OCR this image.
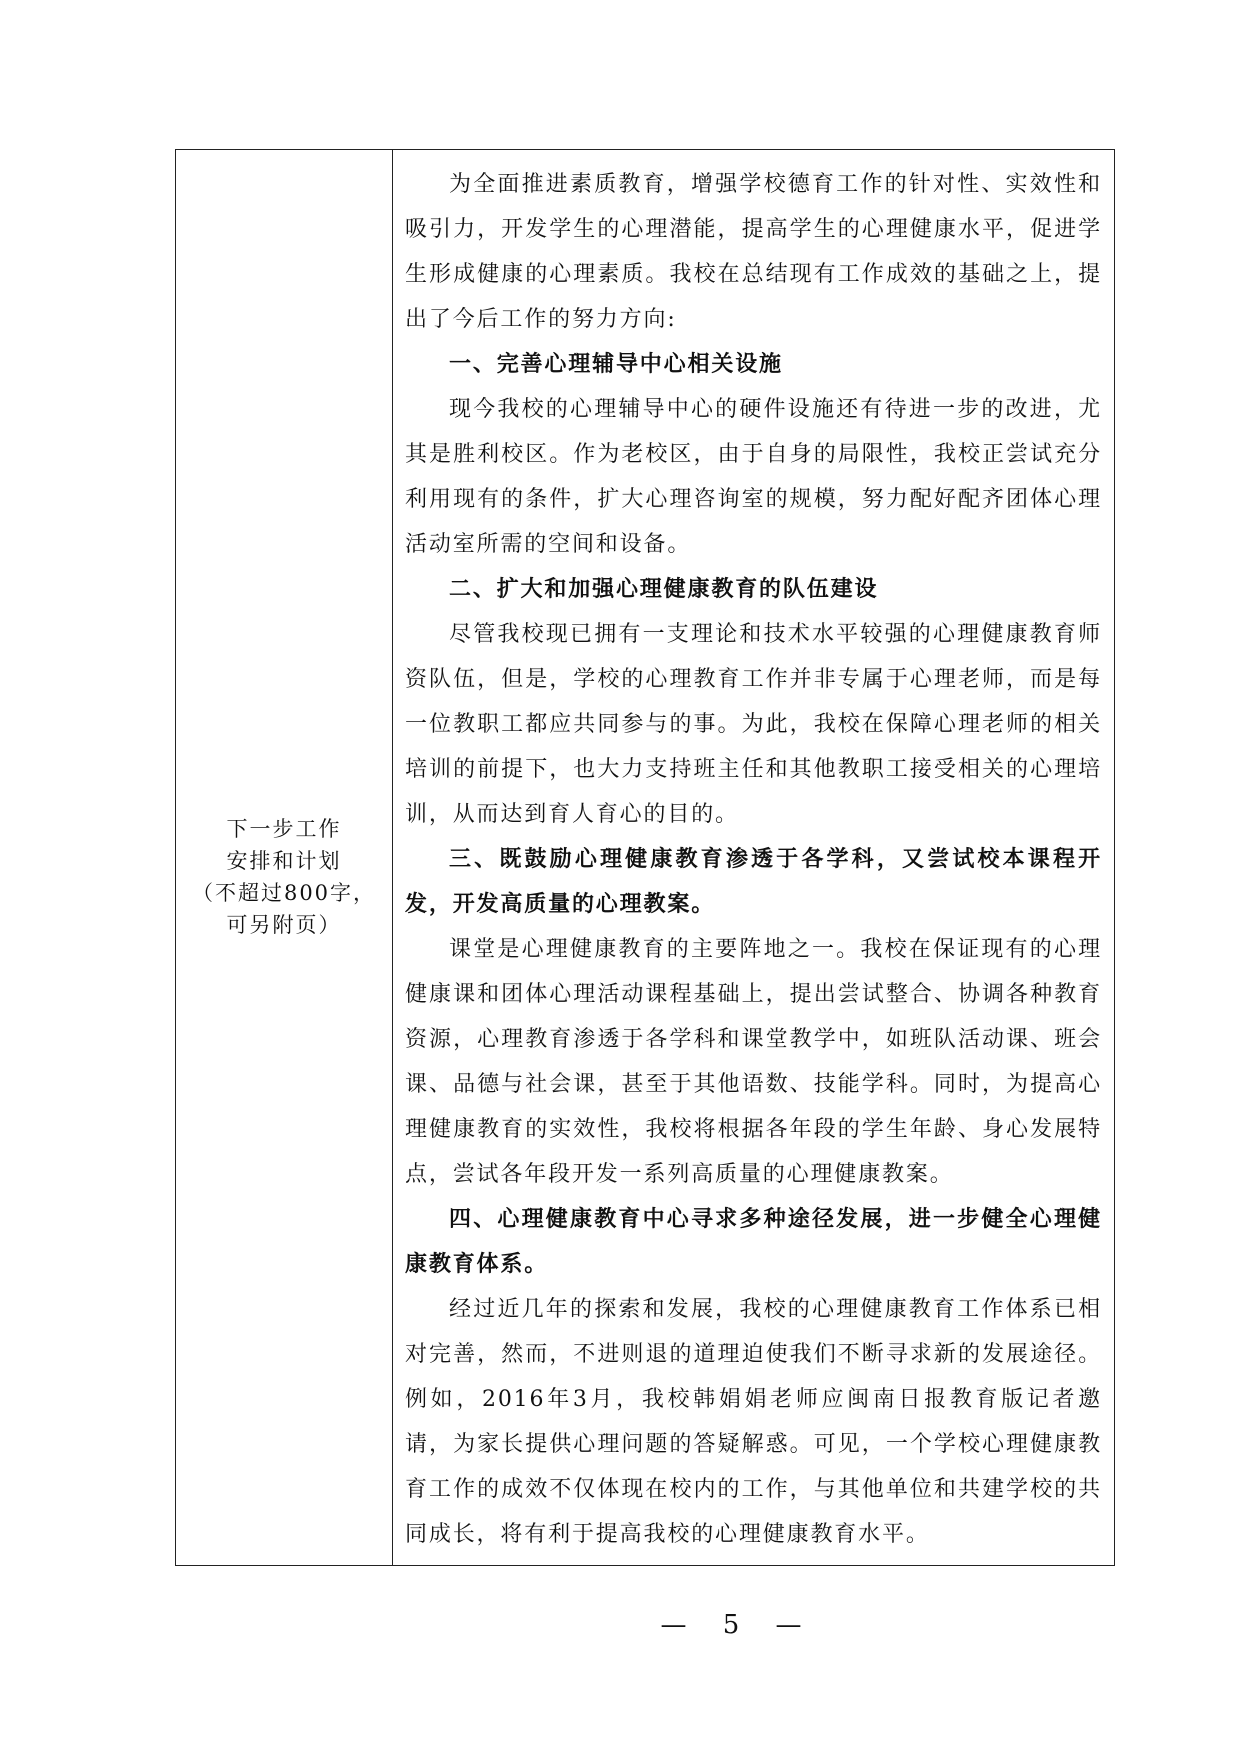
下一步工作
安排和计划
（不超过800字，
可另附页）

为全面推进素质教育，增强学校德育工作的针对性、实效性和吸引力，开发学生的心理潜能，提高学生的心理健康水平，促进学生形成健康的心理素质。我校在总结现有工作成效的基础之上，提出了今后工作的努力方向:

一、完善心理辅导中心相关设施

现今我校的心理辅导中心的硬件设施还有待进一步的改进，尤其是胜利校区。作为老校区，由于自身的局限性，我校正尝试充分利用现有的条件，扩大心理咨询室的规模，努力配好配齐团体心理活动室所需的空间和设备。

二、扩大和加强心理健康教育的队伍建设

尽管我校现已拥有一支理论和技术水平较强的心理健康教育师资队伍，但是，学校的心理教育工作并非专属于心理老师，而是每一位教职工都应共同参与的事。为此，我校在保障心理老师的相关培训的前提下，也大力支持班主任和其他教职工接受相关的心理培训，从而达到育人育心的目的。

三、既鼓励心理健康教育渗透于各学科，又尝试校本课程开发，开发高质量的心理教案。

课堂是心理健康教育的主要阵地之一。我校在保证现有的心理健康课和团体心理活动课程基础上，提出尝试整合、协调各种教育资源，心理教育渗透于各学科和课堂教学中，如班队活动课、班会课、品德与社会课，甚至于其他语数、技能学科。同时，为提高心理健康教育的实效性，我校将根据各年段的学生年龄、身心发展特点，尝试各年段开发一系列高质量的心理健康教案。

四、心理健康教育中心寻求多种途径发展，进一步健全心理健康教育体系。

经过近几年的探索和发展，我校的心理健康教育工作体系已相对完善，然而，不进则退的道理迫使我们不断寻求新的发展途径。例如，2016年3月，我校韩娟娟老师应闽南日报教育版记者邀请，为家长提供心理问题的答疑解惑。可见，一个学校心理健康教育工作的成效不仅体现在校内的工作，与其他单位和共建学校的共同成长，将有利于提高我校的心理健康教育水平。

— 5 —
